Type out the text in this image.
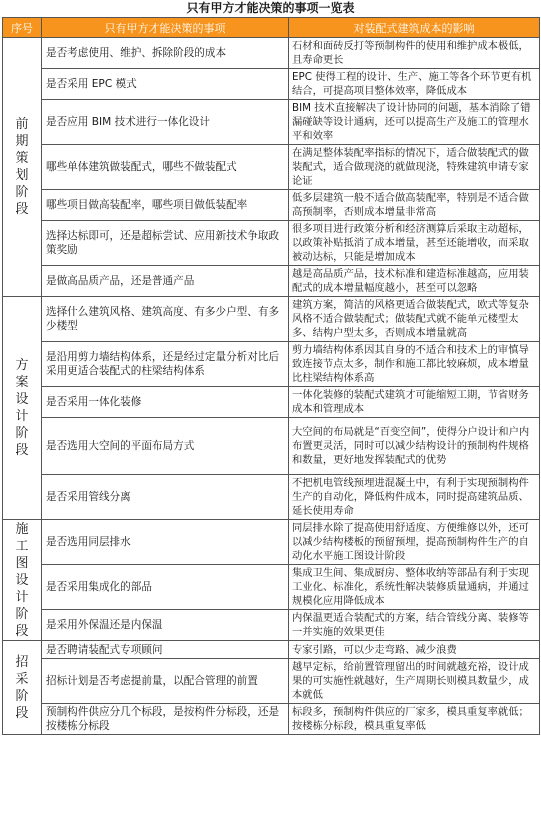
只有甲方才能决策的事项一览表
序号	只有甲方才能决策的事项	对装配式建筑成本的影响

前期策划阶段	是否考虑使用、维护、拆除阶段的成本	石材和面砖反打等预制构件的使用和维护成本极低，且寿命更长
	是否采用 EPC 模式	EPC 使得工程的设计、生产、施工等各个环节更有机结合，可提高项目整体效率，降低成本
	是否应用 BIM 技术进行一体化设计	BIM 技术直接解决了设计协同的问题，基本消除了错漏碰缺等设计通病，还可以提高生产及施工的管理水平和效率
	哪些单体建筑做装配式，哪些不做装配式	在满足整体装配率指标的情况下，适合做装配式的做装配式，适合做现浇的就做现浇，特殊建筑申请专家论证
	哪些项目做高装配率，哪些项目做低装配率	低多层建筑一般不适合做高装配率，特别是不适合做高预制率，否则成本增量非常高
	选择达标即可，还是超标尝试、应用新技术争取政策奖励	很多项目进行政策分析和经济测算后采取主动超标，以政策补贴抵消了成本增量，甚至还能增收，而采取被动达标，只能是增加成本
	是做高品质产品，还是普通产品	越是高品质产品，技术标准和建造标准越高，应用装配式的成本增量幅度越小，甚至可以忽略

方案设计阶段	选择什么建筑风格、建筑高度、有多少户型、有多少楼型	建筑方案，简洁的风格更适合做装配式，欧式等复杂风格不适合做装配式；做装配式就不能单元楼型太多、结构户型太多，否则成本增量就高
	是沿用剪力墙结构体系，还是经过定量分析对比后采用更适合装配式的柱梁结构体系	剪力墙结构体系因其自身的不适合和技术上的审慎导致连接节点太多，制作和施工都比较麻烦，成本增量比柱梁结构体系高
	是否采用一体化装修	一体化装修的装配式建筑才可能缩短工期，节省财务成本和管理成本
	是否选用大空间的平面布局方式	大空间的布局就是“百变空间”，使得分户设计和户内布置更灵活，同时可以减少结构设计的预制构件规格和数量，更好地发挥装配式的优势
	是否采用管线分离	不把机电管线预埋进混凝土中，有利于实现预制构件生产的自动化，降低构件成本，同时提高建筑品质、延长使用寿命

施工图设计阶段	是否选用同层排水	同层排水除了提高使用舒适度、方便维修以外，还可以减少结构楼板的预留预埋，提高预制构件生产的自动化水平施工图设计阶段
	是否采用集成化的部品	集成卫生间、集成厨房、整体收纳等部品有利于实现工业化、标准化，系统性解决装修质量通病，并通过规模化应用降低成本
	是采用外保温还是内保温	内保温更适合装配式的方案，结合管线分离、装修等一并实施的效果更佳

招采阶段	是否聘请装配式专项顾问	专家引路，可以少走弯路、减少浪费
	招标计划是否考虑提前量，以配合管理的前置	越早定标，给前置管理留出的时间就越充裕，设计成果的可实施性就越好，生产周期长则模具数量少，成本就低
	预制构件供应分几个标段，是按构件分标段，还是按楼栋分标段	标段多，预制构件供应的厂家多，模具重复率就低；按楼栋分标段，模具重复率低
